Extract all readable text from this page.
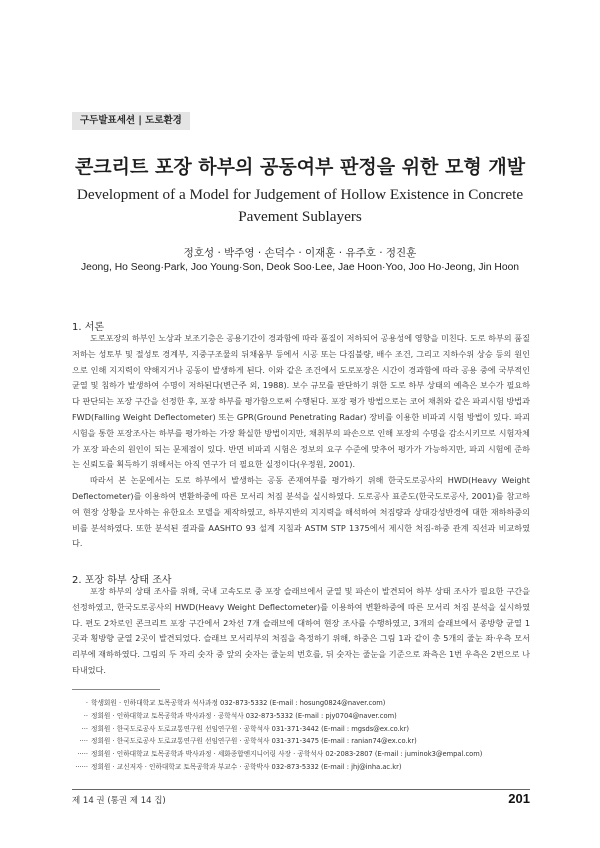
구두발표세션 | 도로환경
콘크리트 포장 하부의 공동여부 판정을 위한 모형 개발
Development of a Model for Judgement of Hollow Existence in Concrete Pavement Sublayers
정호성 · 박주영 · 손덕수 · 이재훈 · 유주호 · 정진훈
Jeong, Ho Seong·Park, Joo Young·Son, Deok Soo·Lee, Jae Hoon·Yoo, Joo Ho·Jeong, Jin Hoon
1. 서론

도로포장의 하부인 노상과 보조기층은 공용기간이 경과함에 따라 품질이 저하되어 공용성에 영향을 미친다. 도로 하부의 품질 저하는 성토부 및 절성토 경계부, 지중구조물의 뒤채움부 등에서 시공 또는 다짐불량, 배수 조건, 그리고 지하수위 상승 등의 원인으로 인해 지지력이 약해지거나 공동이 발생하게 된다. 이와 같은 조건에서 도로포장은 시간이 경과함에 따라 공용 중에 국부적인 균열 및 침하가 발생하여 수명이 저하된다(변근주 외, 1988). 보수 규모를 판단하기 위한 도로 하부 상태의 예측은 보수가 필요하다 판단되는 포장 구간을 선정한 후, 포장 하부를 평가함으로써 수행된다. 포장 평가 방법으로는 코어 채취와 같은 파괴시험 방법과 FWD(Falling Weight Deflectometer) 또는 GPR(Ground Penetrating Radar) 장비를 이용한 비파괴 시험 방법이 있다. 파괴 시험을 통한 포장조사는 하부를 평가하는 가장 확실한 방법이지만, 채취부의 파손으로 인해 포장의 수명을 감소시키므로 시험자체가 포장 파손의 원인이 되는 문제점이 있다. 반면 비파괴 시험은 정보의 요구 수준에 맞추어 평가가 가능하지만, 파괴 시험에 준하는 신뢰도를 획득하기 위해서는 아직 연구가 더 필요한 실정이다(우정원, 2001).

따라서 본 논문에서는 도로 하부에서 발생하는 공동 존재여부를 평가하기 위해 한국도로공사의 HWD(Heavy Weight Deflectometer)를 이용하여 변환하중에 따른 모서리 처짐 분석을 실시하였다. 도로공사 표준도(한국도로공사, 2001)를 참고하여 현장 상황을 모사하는 유한요소 모델을 제작하였고, 하부지반의 지지력을 해석하여 처짐량과 상대강성반경에 대한 재하하중의 비를 분석하였다. 또한 분석된 결과를 AASHTO 93 설계 지침과 ASTM STP 1375에서 제시한 처짐-하중 관계 직선과 비교하였다.

2. 포장 하부 상태 조사

포장 하부의 상태 조사를 위해, 국내 고속도로 중 포장 슬래브에서 균열 및 파손이 발견되어 하부 상태 조사가 필요한 구간을 선정하였고, 한국도로공사의 HWD(Heavy Weight Deflectometer)를 이용하여 변환하중에 따른 모서리 처짐 분석을 실시하였다. 편도 2차로인 콘크리트 포장 구간에서 2차선 7개 슬래브에 대하여 현장 조사를 수행하였고, 3개의 슬래브에서 종방향 균열 1곳과 횡방향 균열 2곳이 발견되었다. 슬래브 모서리부의 처짐을 측정하기 위해, 하중은 그림 1과 같이 총 5개의 줄눈 좌·우측 모서리부에 재하하였다. 그림의 두 자리 숫자 중 앞의 숫자는 줄눈의 번호를, 뒤 숫자는 줄눈을 기준으로 좌측은 1번 우측은 2번으로 나타내었다.

· 학생회원 · 인하대학교 토목공학과 석사과정 032-873-5332 (E-mail : hosung0824@naver.com)
·· 정회원 · 인하대학교 토목공학과 박사과정 · 공학석사 032-873-5332 (E-mail : pjy0704@naver.com)
··· 정회원 · 한국도로공사 도로교통연구원 선임연구원 · 공학석사 031-371-3442 (E-mail : mgsds@ex.co.kr)
···· 정회원 · 한국도로공사 도로교통연구원 선임연구원 · 공학석사 031-371-3475 (E-mail : ranian74@ex.co.kr)
····· 정회원 · 인하대학교 토목공학과 박사과정 · 세화종합엔지니어링 사장 · 공학석사 02-2083-2807 (E-mail : juminok3@empal.com)
······ 정회원 · 교신저자 · 인하대학교 토목공학과 부교수 · 공학박사 032-873-5332 (E-mail : jhj@inha.ac.kr)
제 14 권 (통권 제 14 집)	201
